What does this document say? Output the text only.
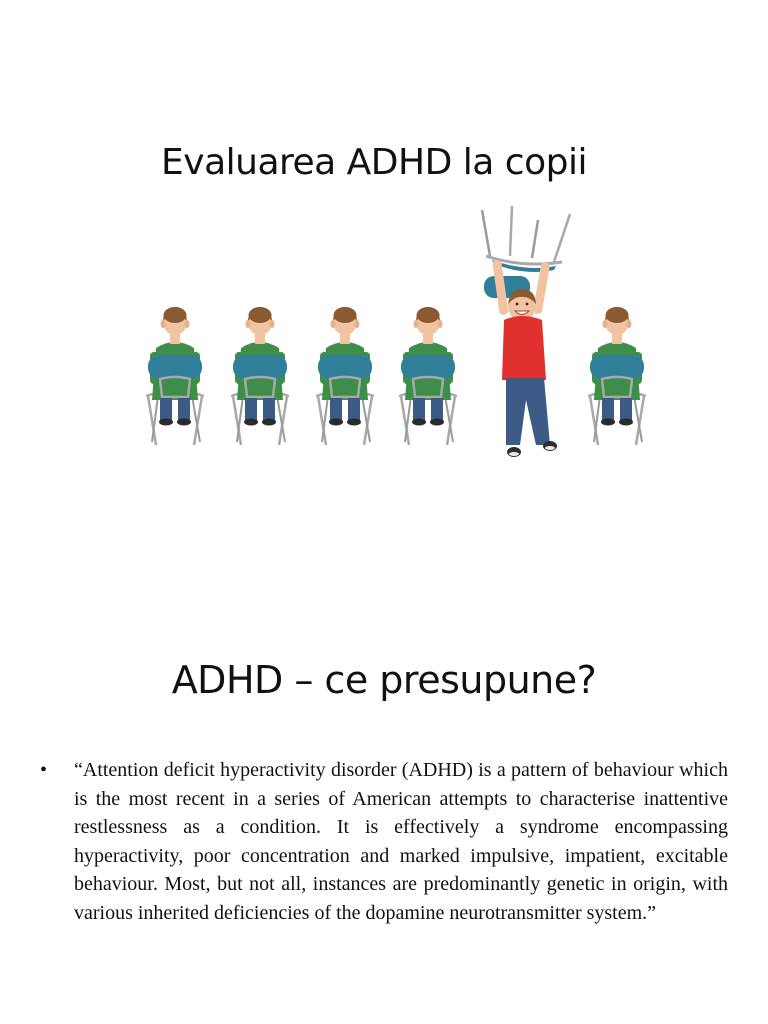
Evaluarea ADHD la copii
ADHD – ce presupune?
•	“Attention deficit hyperactivity disorder (ADHD) is a pattern of behaviour which is the most recent in a series of American attempts to characterise inattentive restlessness as a condition. It is effectively a syndrome encompassing hyperactivity, poor concentration and marked impulsive, impatient, excitable behaviour. Most, but not all, instances are predominantly genetic in origin, with various inherited deficiencies of the dopamine neurotransmitter system.”
